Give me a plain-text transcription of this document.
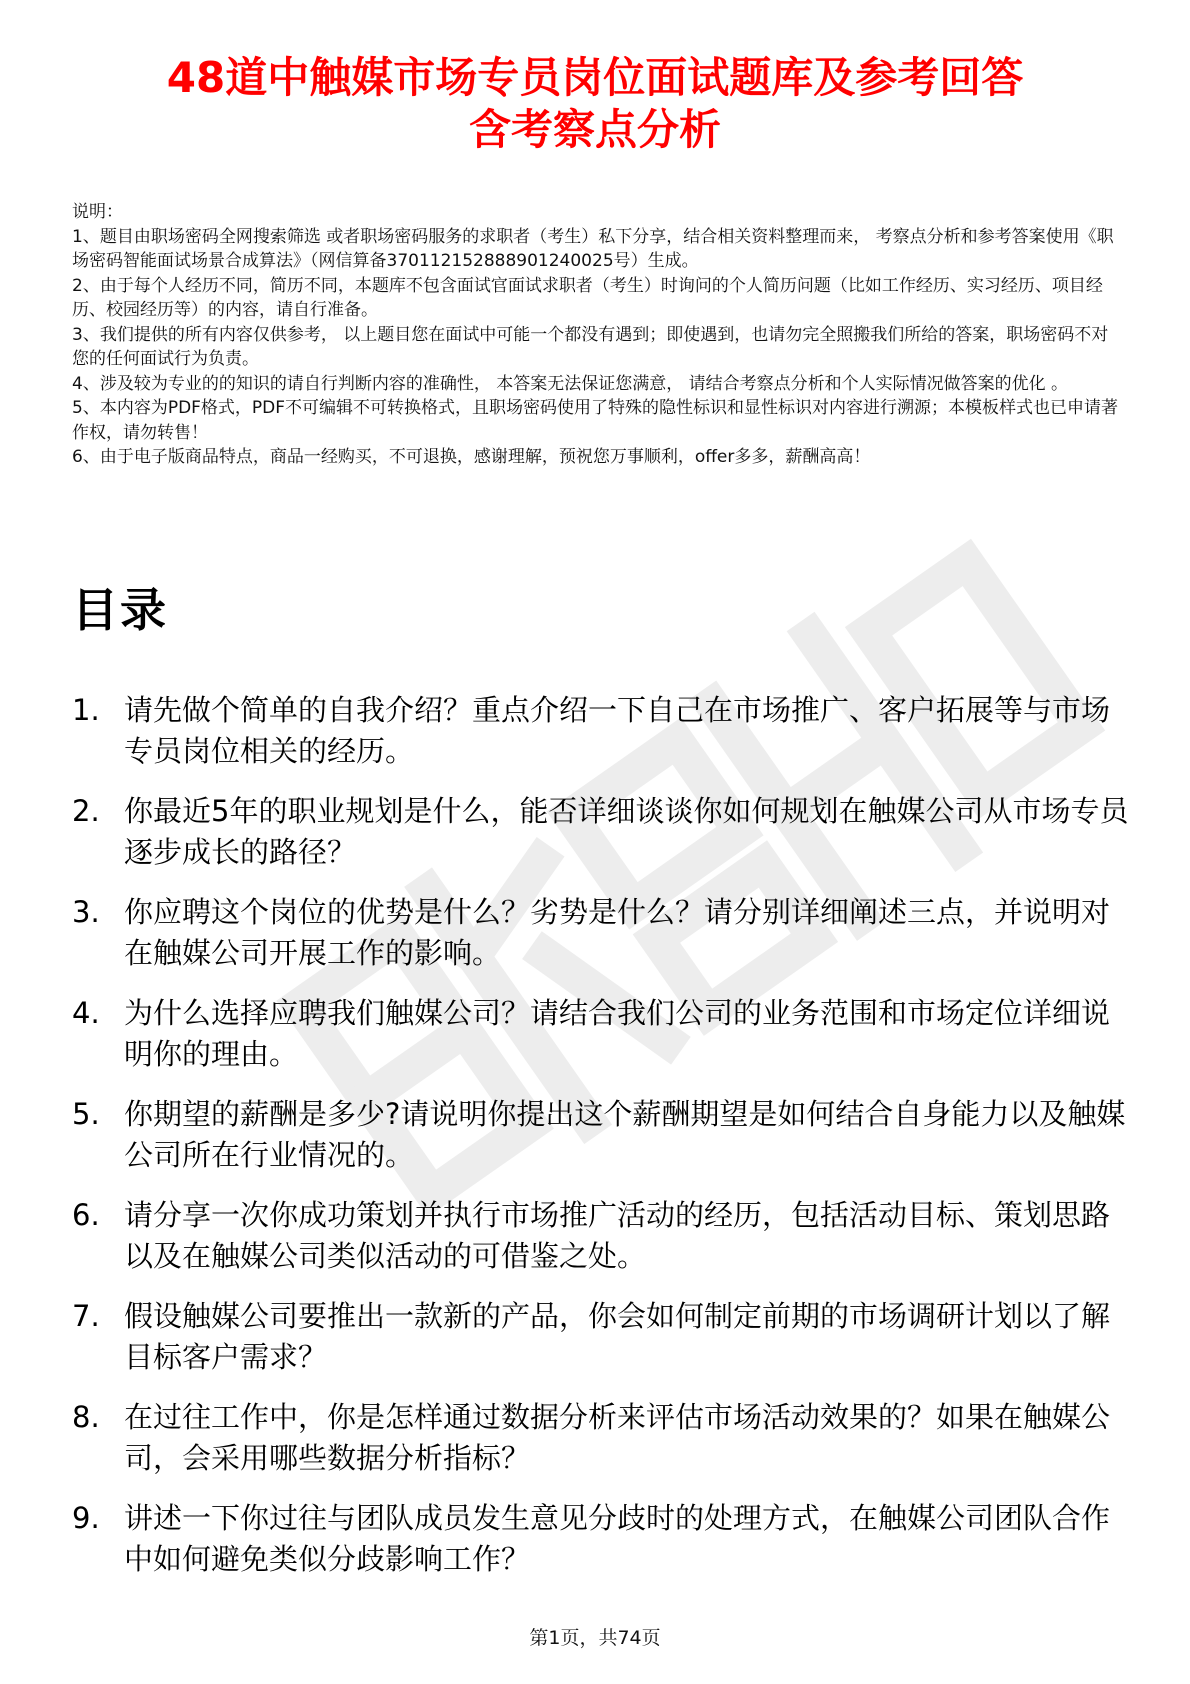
48道中触媒市场专员岗位面试题库及参考回答
含考察点分析
说明：
1、题目由职场密码全网搜索筛选 或者职场密码服务的求职者（考生）私下分享，结合相关资料整理而来， 考察点分析和参考答案使用《职场密码智能面试场景合成算法》（网信算备370112152888901240025号）生成。
2、由于每个人经历不同，简历不同，本题库不包含面试官面试求职者（考生）时询问的个人简历问题（比如工作经历、实习经历、项目经历、校园经历等）的内容，请自行准备。
3、我们提供的所有内容仅供参考， 以上题目您在面试中可能一个都没有遇到；即使遇到，也请勿完全照搬我们所给的答案，职场密码不对您的任何面试行为负责。
4、涉及较为专业的的知识的请自行判断内容的准确性， 本答案无法保证您满意， 请结合考察点分析和个人实际情况做答案的优化 。
5、本内容为PDF格式，PDF不可编辑不可转换格式，且职场密码使用了特殊的隐性标识和显性标识对内容进行溯源；本模板样式也已申请著作权，请勿转售！
6、由于电子版商品特点，商品一经购买，不可退换，感谢理解，预祝您万事顺利，offer多多，薪酬高高！
目录
1. 请先做个简单的自我介绍？重点介绍一下自己在市场推广、客户拓展等与市场专员岗位相关的经历。
2. 你最近5年的职业规划是什么，能否详细谈谈你如何规划在触媒公司从市场专员逐步成长的路径？
3. 你应聘这个岗位的优势是什么？劣势是什么？请分别详细阐述三点，并说明对在触媒公司开展工作的影响。
4. 为什么选择应聘我们触媒公司？请结合我们公司的业务范围和市场定位详细说明你的理由。
5. 你期望的薪酬是多少?请说明你提出这个薪酬期望是如何结合自身能力以及触媒公司所在行业情况的。
6. 请分享一次你成功策划并执行市场推广活动的经历，包括活动目标、策划思路以及在触媒公司类似活动的可借鉴之处。
7. 假设触媒公司要推出一款新的产品，你会如何制定前期的市场调研计划以了解目标客户需求？
8. 在过往工作中，你是怎样通过数据分析来评估市场活动效果的？如果在触媒公司，会采用哪些数据分析指标？
9. 讲述一下你过往与团队成员发生意见分歧时的处理方式，在触媒公司团队合作中如何避免类似分歧影响工作？
第1页，共74页
